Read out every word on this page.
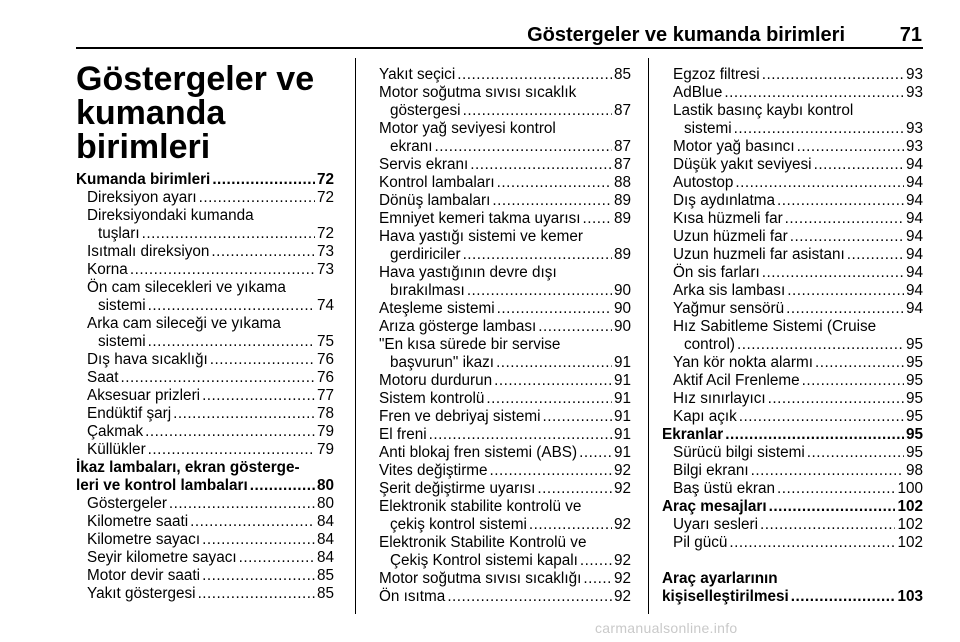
Göstergeler ve kumanda birimleri	71
Göstergeler ve
kumanda birimleri
Kumanda birimleri .....	72
Direksiyon ayarı .....	72
Direksiyondaki kumanda
tuşları .....	72
Isıtmalı direksiyon .....	73
Korna .....	73
Ön cam silecekleri ve yıkama
sistemi .....	74
Arka cam sileceği ve yıkama
sistemi .....	75
Dış hava sıcaklığı .....	76
Saat .....	76
Aksesuar prizleri .....	77
Endüktif şarj .....	78
Çakmak .....	79
Küllükler .....	79
İkaz lambaları, ekran gösterge-
leri ve kontrol lambaları .....	80
Göstergeler .....	80
Kilometre saati .....	84
Kilometre sayacı .....	84
Seyir kilometre sayacı .....	84
Motor devir saati .....	85
Yakıt göstergesi .....	85
Yakıt seçici .....	85
Motor soğutma sıvısı sıcaklık
göstergesi .....	87
Motor yağ seviyesi kontrol
ekranı .....	87
Servis ekranı .....	87
Kontrol lambaları .....	88
Dönüş lambaları .....	89
Emniyet kemeri takma uyarısı ..... 89
Hava yastığı sistemi ve kemer
gerdiriciler .....	89
Hava yastığının devre dışı
bırakılması .....	90
Ateşleme sistemi .....	90
Arıza gösterge lambası .....	90
"En kısa sürede bir servise
başvurun" ikazı .....	91
Motoru durdurun .....	91
Sistem kontrolü .....	91
Fren ve debriyaj sistemi .....	91
El freni .....	91
Anti blokaj fren sistemi (ABS) ..... 91
Vites değiştirme .....	92
Şerit değiştirme uyarısı .....	92
Elektronik stabilite kontrolü ve
çekiş kontrol sistemi .....	92
Elektronik Stabilite Kontrolü ve
Çekiş Kontrol sistemi kapalı ..... 92
Motor soğutma sıvısı sıcaklığı ..... 92
Ön ısıtma .....	92
Egzoz filtresi .....	93
AdBlue .....	93
Lastik basınç kaybı kontrol
sistemi .....	93
Motor yağ basıncı .....	93
Düşük yakıt seviyesi .....	94
Autostop .....	94
Dış aydınlatma .....	94
Kısa hüzmeli far .....	94
Uzun hüzmeli far .....	94
Uzun huzmeli far asistanı .....	94
Ön sis farları .....	94
Arka sis lambası .....	94
Yağmur sensörü .....	94
Hız Sabitleme Sistemi (Cruise
control) .....	95
Yan kör nokta alarmı .....	95
Aktif Acil Frenleme .....	95
Hız sınırlayıcı .....	95
Kapı açık .....	95
Ekranlar .....	95
Sürücü bilgi sistemi .....	95
Bilgi ekranı .....	98
Baş üstü ekran .....	100
Araç mesajları .....	102
Uyarı sesleri .....	102
Pil gücü .....	102
Araç ayarlarının
kişiselleştirilmesi .....	103
carmanualsonline.info
